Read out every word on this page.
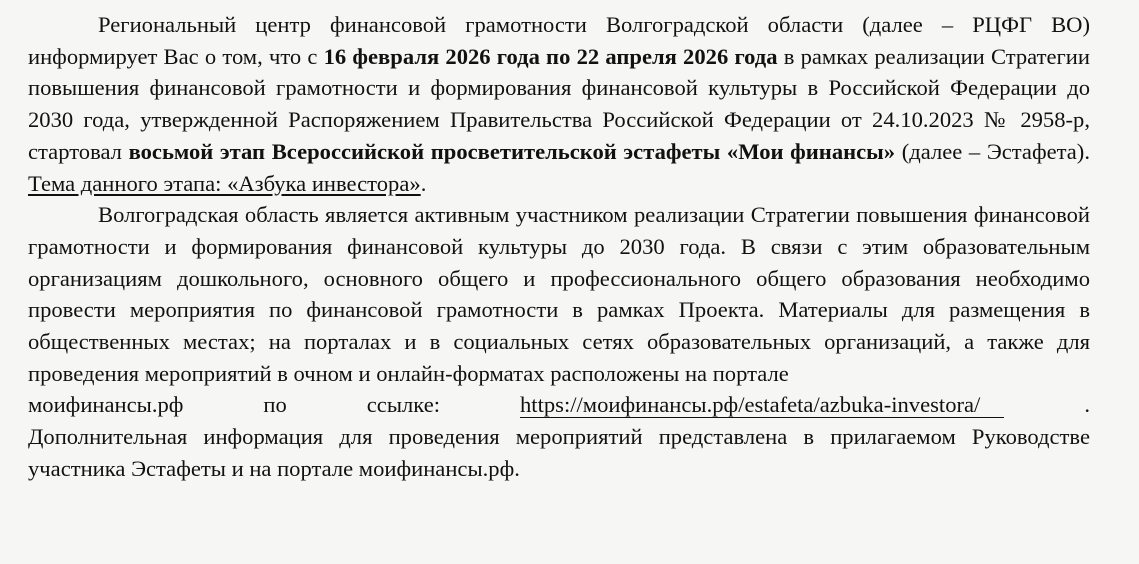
Региональный центр финансовой грамотности Волгоградской области (далее – РЦФГ ВО) информирует Вас о том, что с 16 февраля 2026 года по 22 апреля 2026 года в рамках реализации Стратегии повышения финансовой грамотности и формирования финансовой культуры в Российской Федерации до 2030 года, утвержденной Распоряжением Правительства Российской Федерации от 24.10.2023 № 2958-р, стартовал восьмой этап Всероссийской просветительской эстафеты «Мои финансы» (далее – Эстафета). Тема данного этапа: «Азбука инвестора».

Волгоградская область является активным участником реализации Стратегии повышения финансовой грамотности и формирования финансовой культуры до 2030 года. В связи с этим образовательным организациям дошкольного, основного общего и профессионального общего образования необходимо провести мероприятия по финансовой грамотности в рамках Проекта. Материалы для размещения в общественных местах; на порталах и в социальных сетях образовательных организаций, а также для проведения мероприятий в очном и онлайн-форматах расположены на портале

моифинансы.рф	по	ссылке:	https://моифинансы.рф/estafeta/azbuka-investora/	.

Дополнительная информация для проведения мероприятий представлена в прилагаемом Руководстве участника Эстафеты и на портале моифинансы.рф.
